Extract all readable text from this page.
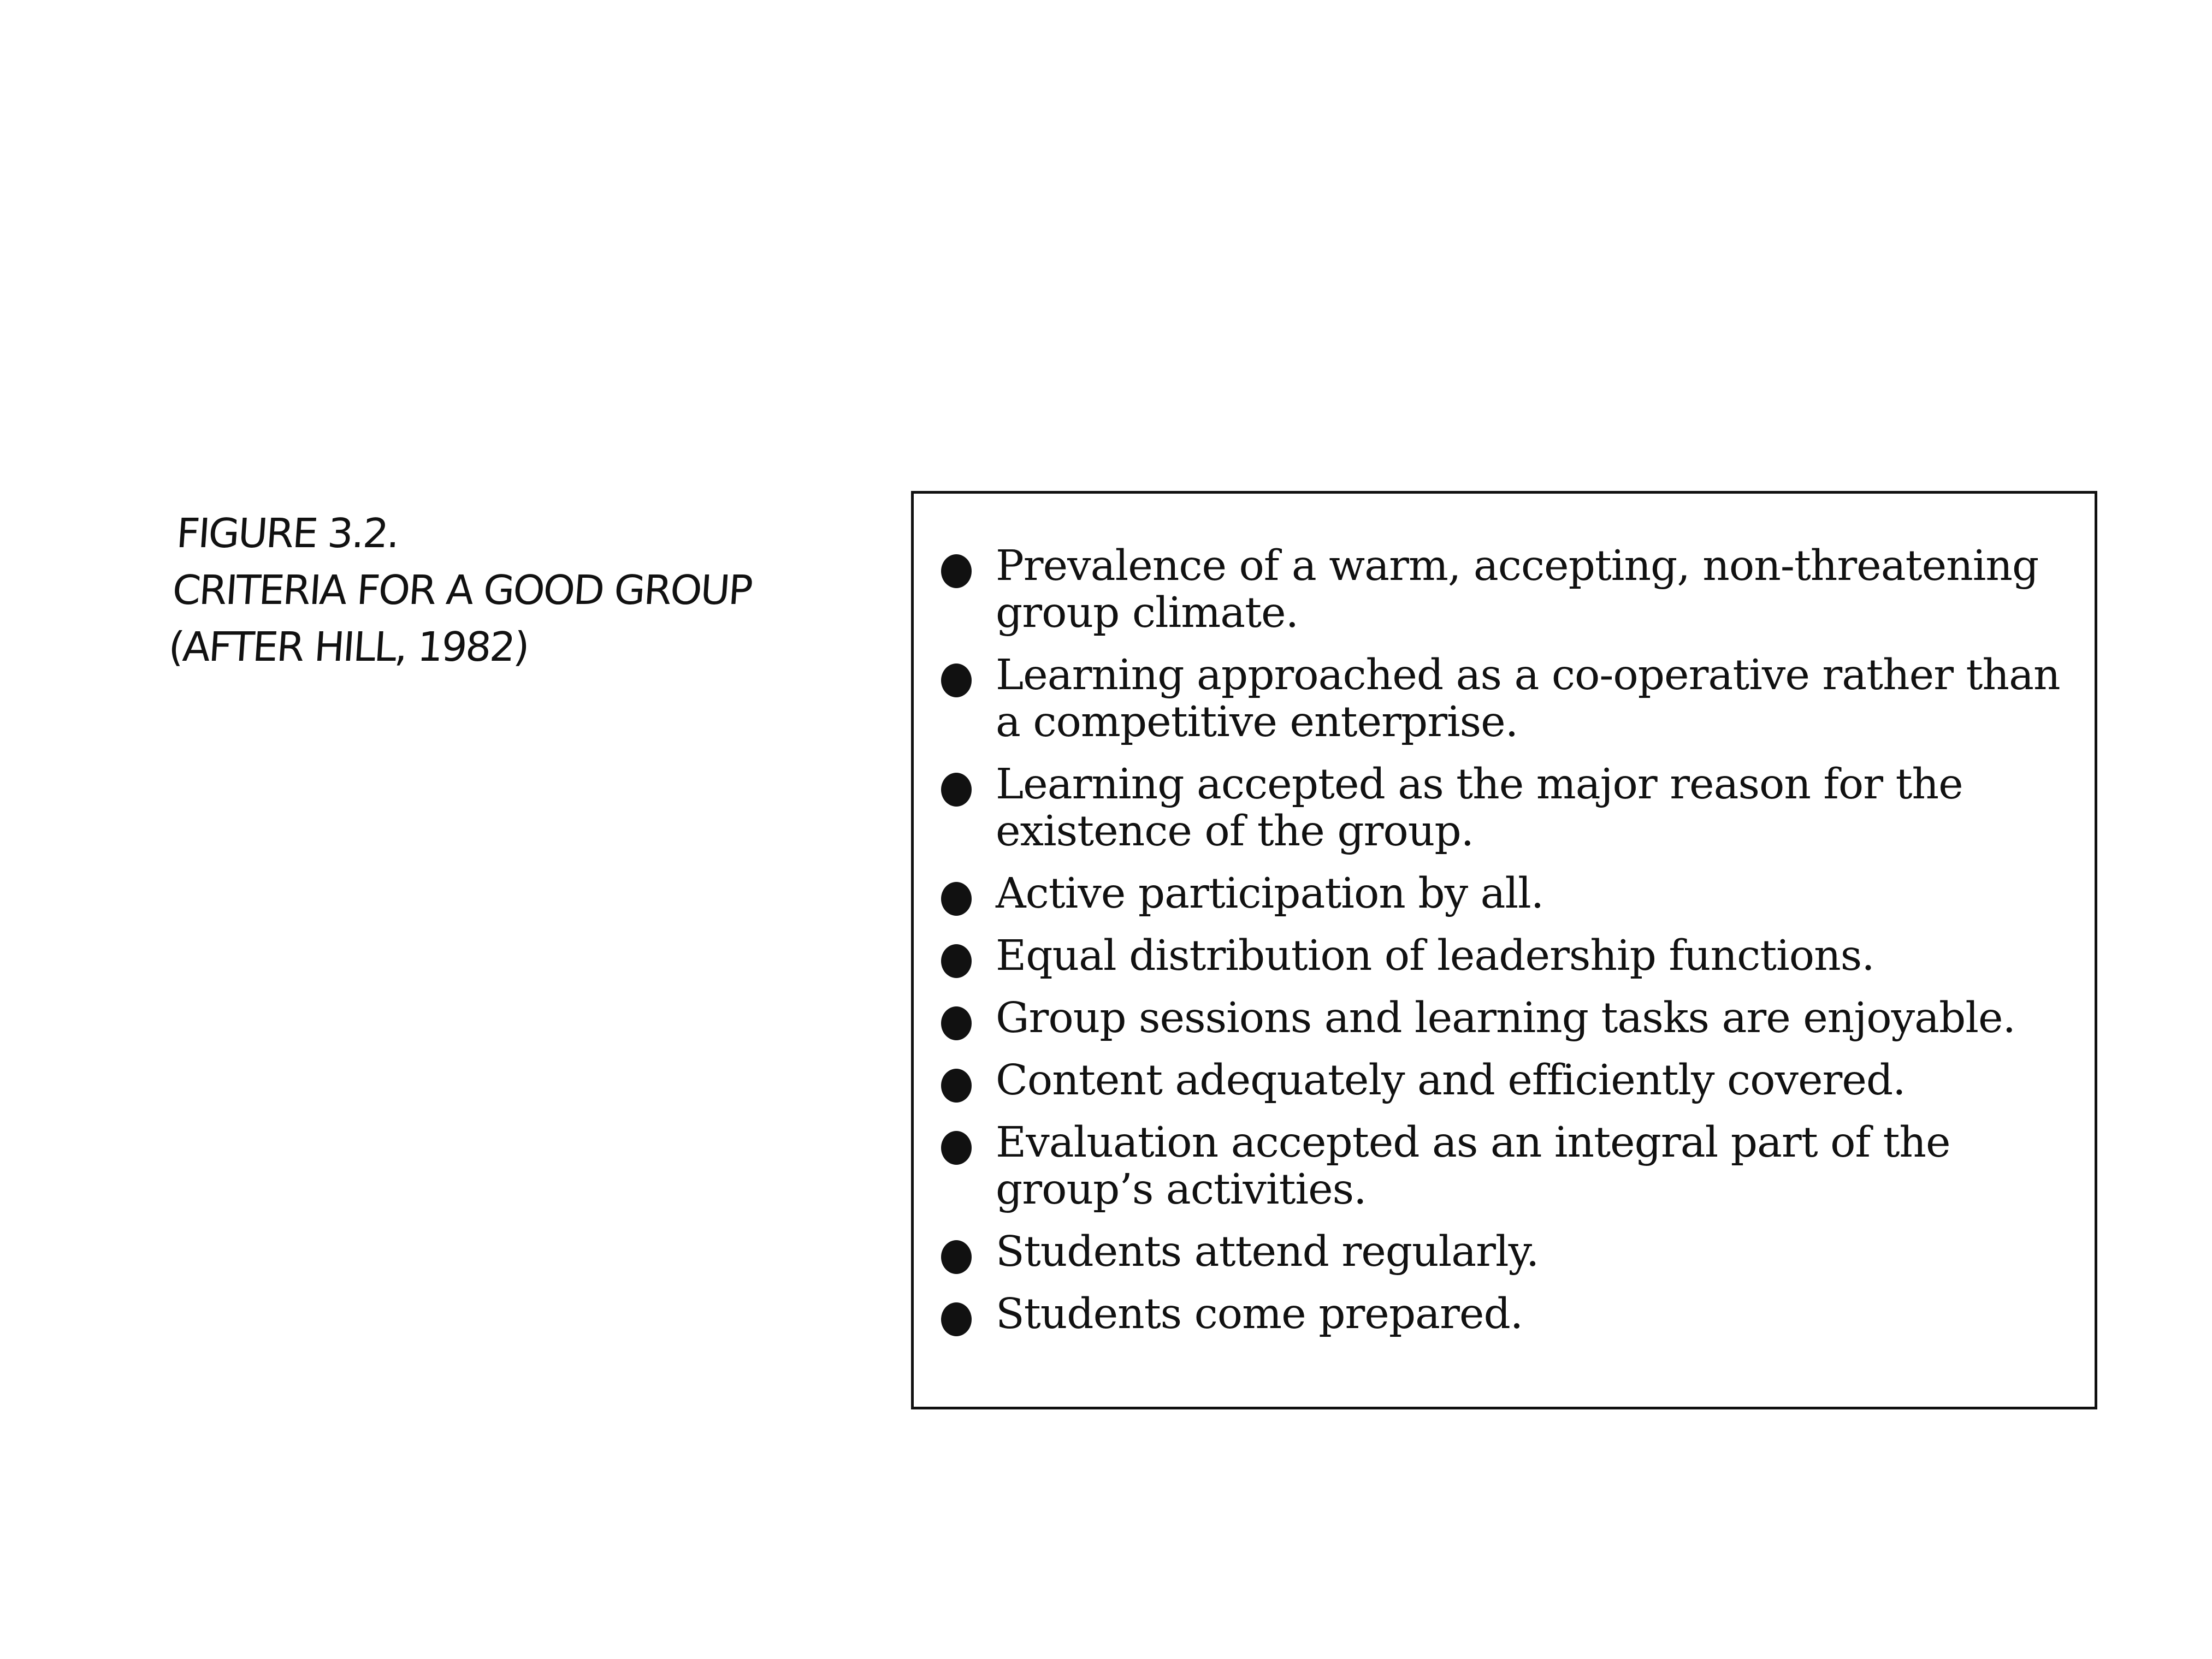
FIGURE 3.2.
CRITERIA FOR A GOOD GROUP
(AFTER HILL, 1982)
Prevalence of a warm, accepting, non-threatening group climate.
Learning approached as a co-operative rather than a competitive enterprise.
Learning accepted as the major reason for the existence of the group.
Active participation by all.
Equal distribution of leadership functions.
Group sessions and learning tasks are enjoyable.
Content adequately and efficiently covered.
Evaluation accepted as an integral part of the group’s activities.
Students attend regularly.
Students come prepared.
